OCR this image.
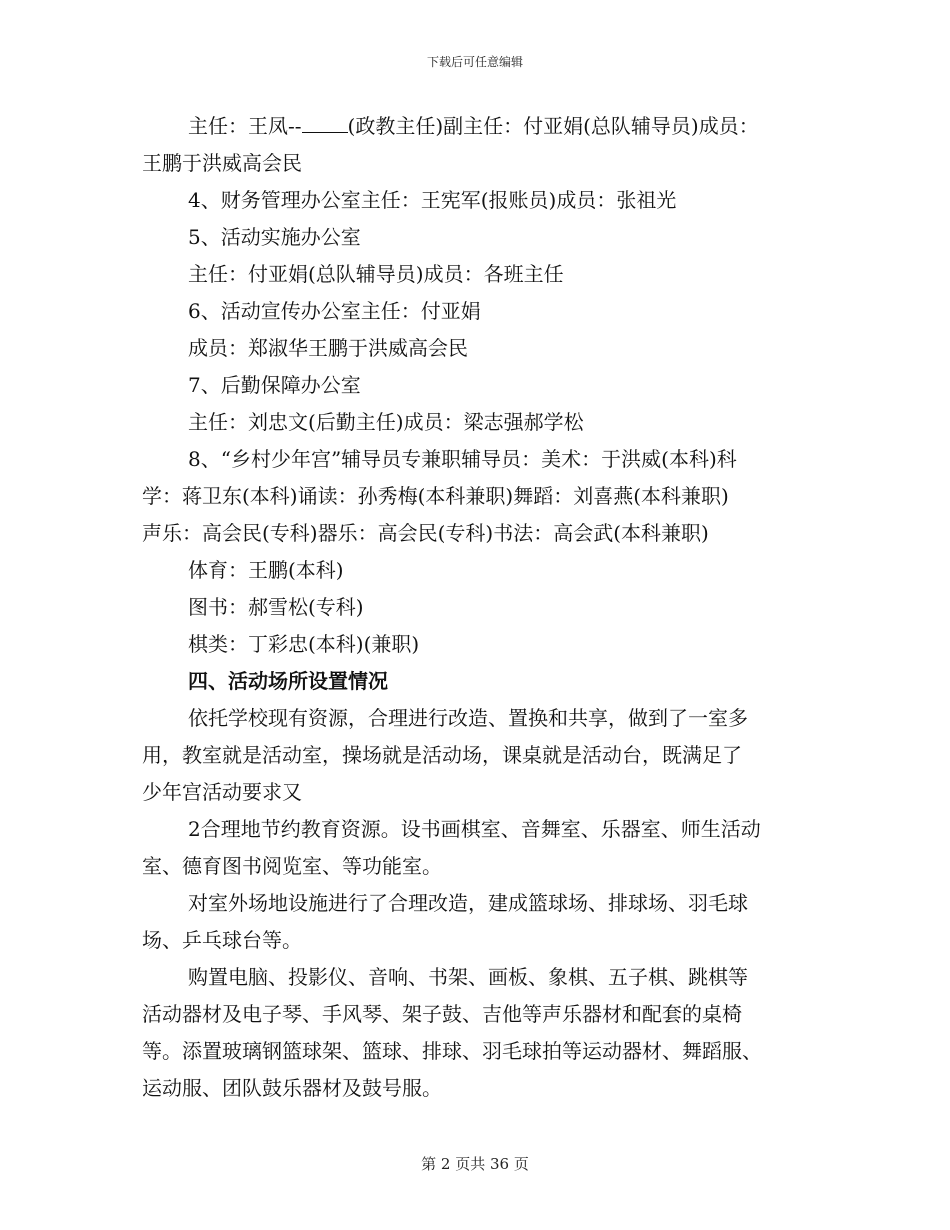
下载后可任意编辑
主任：王凤-- (政教主任)副主任：付亚娟(总队辅导员)成员：
王鹏于洪威高会民
4、财务管理办公室主任：王宪军(报账员)成员：张祖光
5、活动实施办公室
主任：付亚娟(总队辅导员)成员：各班主任
6、活动宣传办公室主任：付亚娟
成员：郑淑华王鹏于洪威高会民
7、后勤保障办公室
主任：刘忠文(后勤主任)成员：梁志强郝学松
8、“乡村少年宫”辅导员专兼职辅导员：美术：于洪威(本科)科
学：蒋卫东(本科)诵读：孙秀梅(本科兼职)舞蹈：刘喜燕(本科兼职)
声乐：高会民(专科)器乐：高会民(专科)书法：高会武(本科兼职)
体育：王鹏(本科)
图书：郝雪松(专科)
棋类：丁彩忠(本科)(兼职)
四、活动场所设置情况
依托学校现有资源，合理进行改造、置换和共享，做到了一室多
用，教室就是活动室，操场就是活动场，课桌就是活动台，既满足了
少年宫活动要求又
2合理地节约教育资源。设书画棋室、音舞室、乐器室、师生活动
室、德育图书阅览室、等功能室。
对室外场地设施进行了合理改造，建成篮球场、排球场、羽毛球
场、乒乓球台等。
购置电脑、投影仪、音响、书架、画板、象棋、五子棋、跳棋等
活动器材及电子琴、手风琴、架子鼓、吉他等声乐器材和配套的桌椅
等。添置玻璃钢篮球架、篮球、排球、羽毛球拍等运动器材、舞蹈服、
运动服、团队鼓乐器材及鼓号服。
第 2 页共 36 页
